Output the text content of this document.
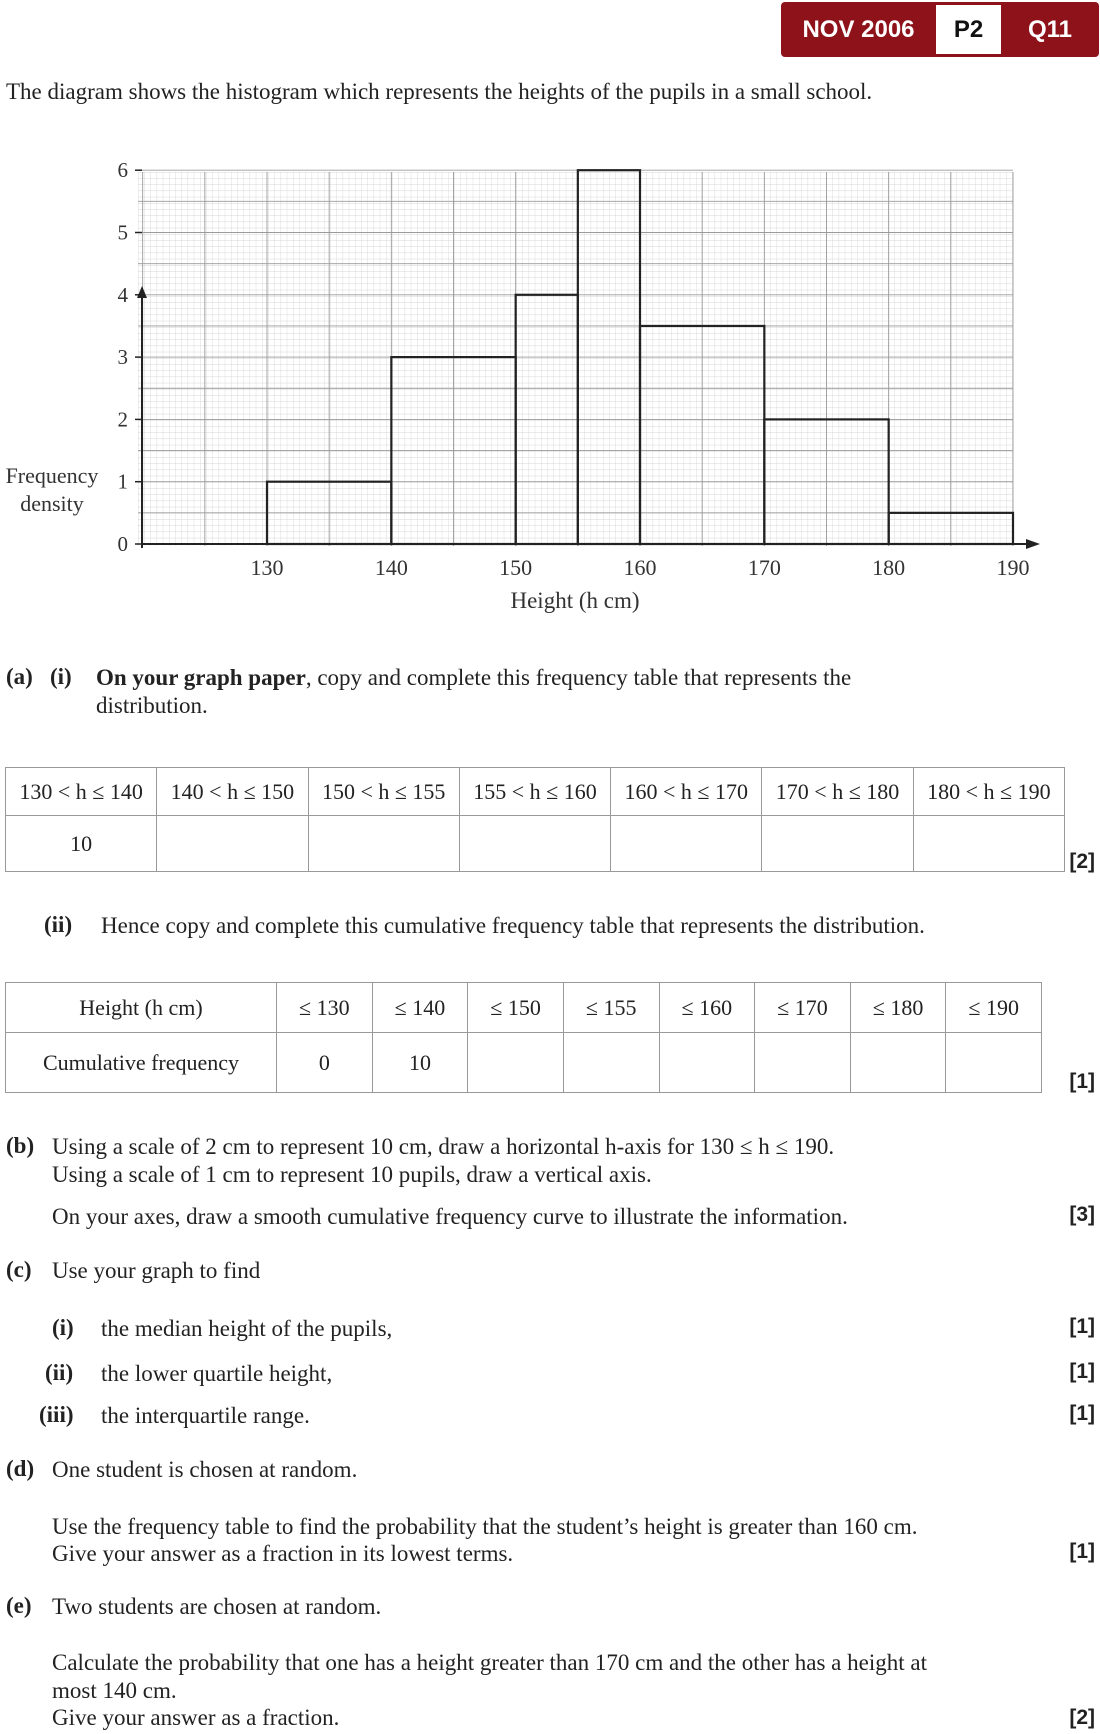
NOV 2006	P2	Q11
The diagram shows the histogram which represents the heights of the pupils in a small school.
0
1
2
3
4
5
6
130	140	150	160	170	180	190
Frequency
density
Height (h cm)
(a) (i) On your graph paper, copy and complete this frequency table that represents the
distribution.
130 < h ≤ 140	140 < h ≤ 150	150 < h ≤ 155	155 < h ≤ 160	160 < h ≤ 170	170 < h ≤ 180	180 < h ≤ 190
10						
[2]
(ii) Hence copy and complete this cumulative frequency table that represents the distribution.
Height (h cm)	≤ 130	≤ 140	≤ 150	≤ 155	≤ 160	≤ 170	≤ 180	≤ 190
Cumulative frequency	0	10						
[1]
(b) Using a scale of 2 cm to represent 10 cm, draw a horizontal h-axis for 130 ≤ h ≤ 190.
Using a scale of 1 cm to represent 10 pupils, draw a vertical axis.
On your axes, draw a smooth cumulative frequency curve to illustrate the information.	[3]
(c) Use your graph to find
(i) the median height of the pupils,	[1]
(ii) the lower quartile height,	[1]
(iii) the interquartile range.	[1]
(d) One student is chosen at random.
Use the frequency table to find the probability that the student’s height is greater than 160 cm.
Give your answer as a fraction in its lowest terms.	[1]
(e) Two students are chosen at random.
Calculate the probability that one has a height greater than 170 cm and the other has a height at
most 140 cm.
Give your answer as a fraction.	[2]
